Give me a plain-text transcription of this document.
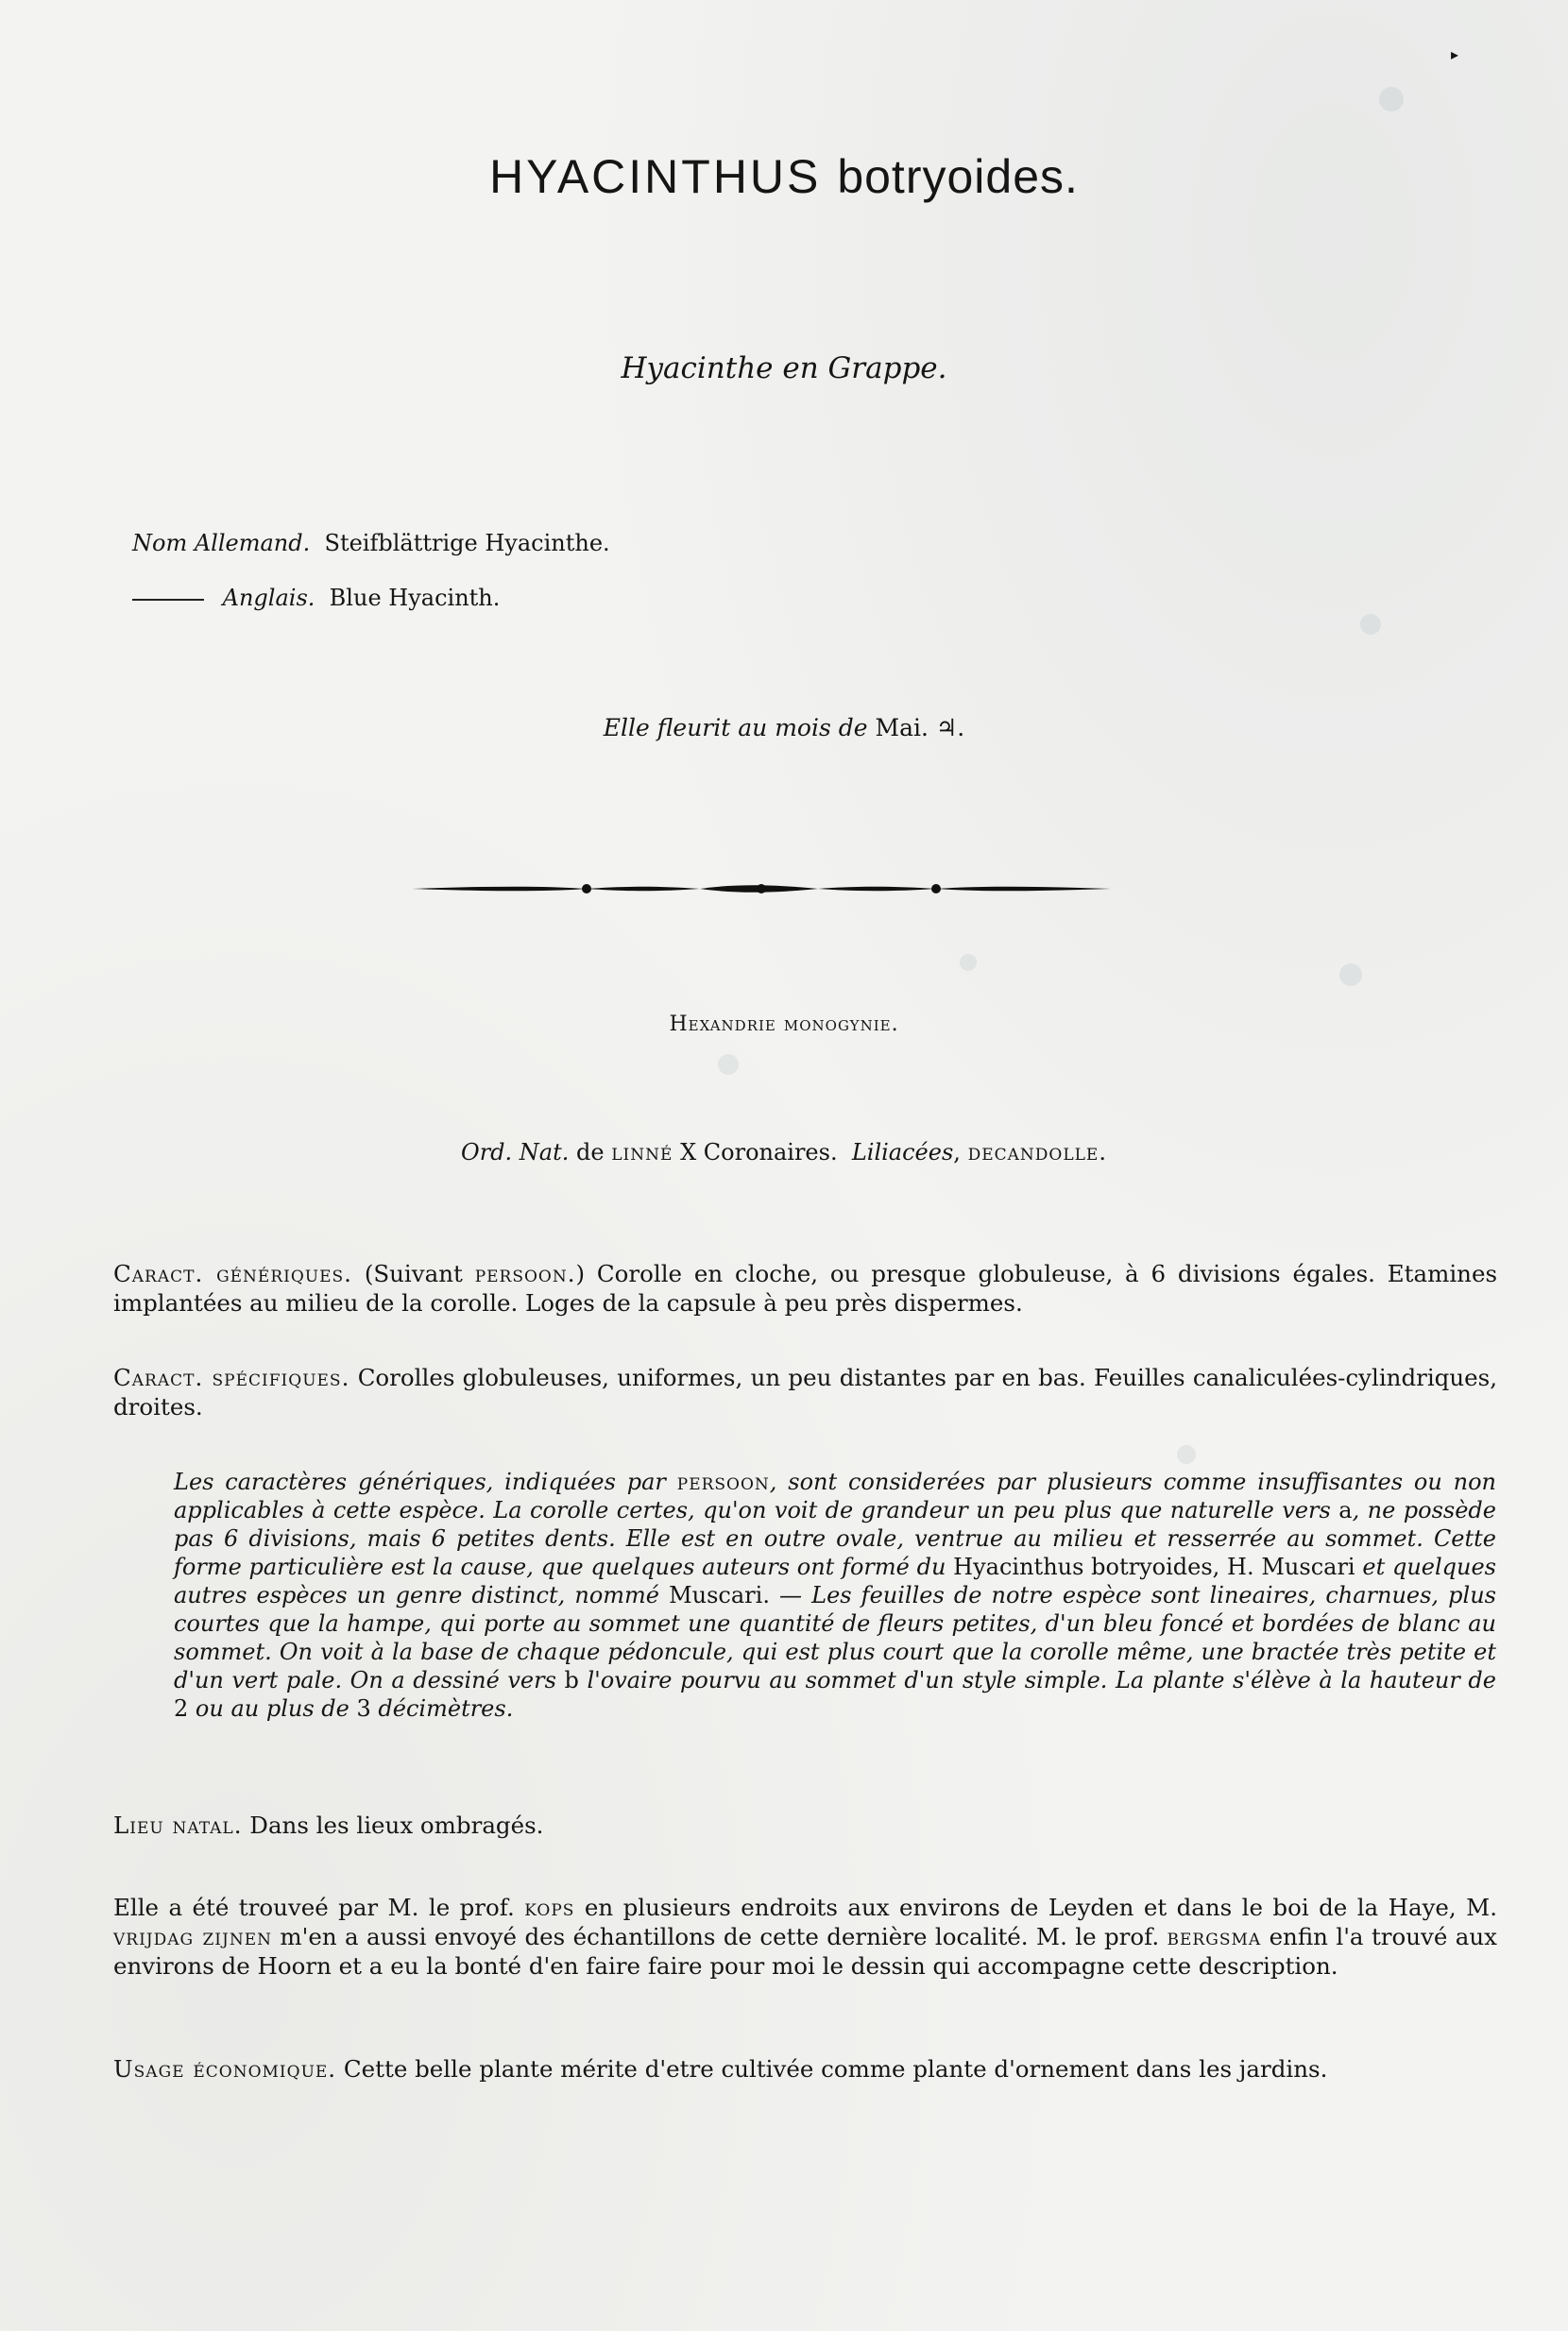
▸
HYACINTHUS botryoides.
Hyacinthe en Grappe.
Nom Allemand. Steifblättrige Hyacinthe.
Anglais. Blue Hyacinth.
Elle fleurit au mois de Mai. ♃.
Hexandrie monogynie.
Ord. Nat. de linné X Coronaires. Liliacées, decandolle.
Caract. génériques. (Suivant persoon.) Corolle en cloche, ou presque globuleuse, à 6 divisions égales. Etamines implantées au milieu de la corolle. Loges de la capsule à peu près dispermes.
Caract. spécifiques. Corolles globuleuses, uniformes, un peu distantes par en bas. Feuilles canaliculées-cylindriques, droites.
Les caractères génériques, indiquées par persoon, sont considerées par plusieurs comme insuffisantes ou non applicables à cette espèce. La corolle certes, qu'on voit de grandeur un peu plus que naturelle vers a, ne possède pas 6 divisions, mais 6 petites dents. Elle est en outre ovale, ventrue au milieu et resserrée au sommet. Cette forme particulière est la cause, que quelques auteurs ont formé du Hyacinthus botryoides, H. Muscari et quelques autres espèces un genre distinct, nommé Muscari. — Les feuilles de notre espèce sont lineaires, charnues, plus courtes que la hampe, qui porte au sommet une quantité de fleurs petites, d'un bleu foncé et bordées de blanc au sommet. On voit à la base de chaque pédoncule, qui est plus court que la corolle même, une bractée très petite et d'un vert pale. On a dessiné vers b l'ovaire pourvu au sommet d'un style simple. La plante s'élève à la hauteur de 2 ou au plus de 3 décimètres.
Lieu natal. Dans les lieux ombragés.
Elle a été trouveé par M. le prof. kops en plusieurs endroits aux environs de Leyden et dans le boi de la Haye, M. vrijdag zijnen m'en a aussi envoyé des échantillons de cette dernière localité. M. le prof. bergsma enfin l'a trouvé aux environs de Hoorn et a eu la bonté d'en faire faire pour moi le dessin qui accompagne cette description.
Usage économique. Cette belle plante mérite d'etre cultivée comme plante d'ornement dans les jardins.
